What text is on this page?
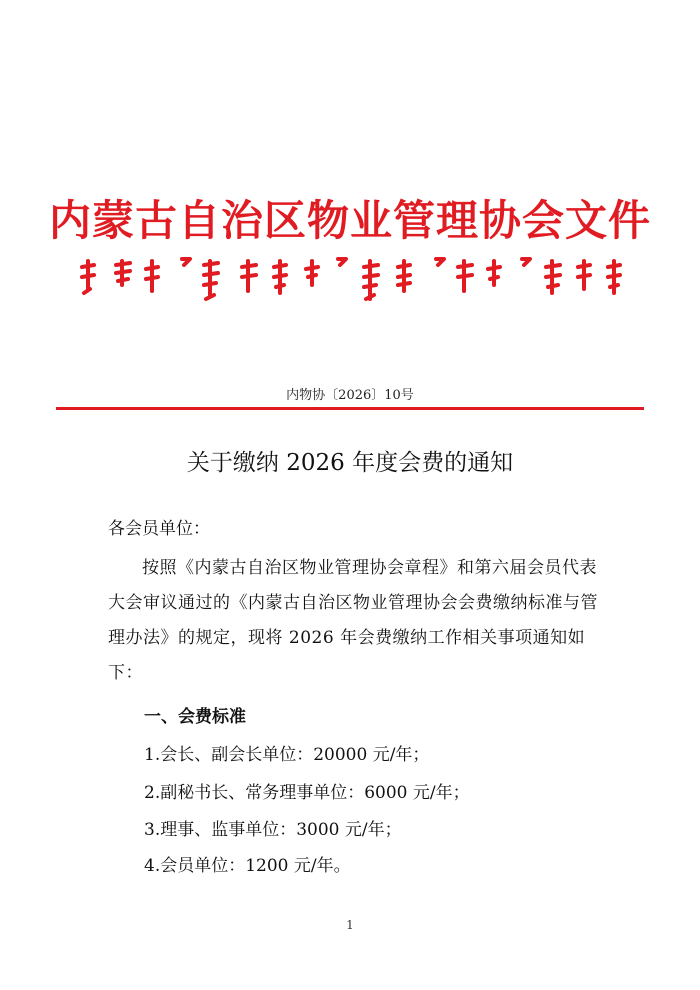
内蒙古自治区物业管理协会文件
内物协〔2026〕10号
关于缴纳 2026 年度会费的通知
各会员单位：
按照《内蒙古自治区物业管理协会章程》和第六届会员代表大会审议通过的《内蒙古自治区物业管理协会会费缴纳标准与管理办法》的规定，现将 2026 年会费缴纳工作相关事项通知如下：
一、会费标准
1.会长、副会长单位：20000 元/年；
2.副秘书长、常务理事单位：6000 元/年；
3.理事、监事单位：3000 元/年；
4.会员单位：1200 元/年。
1
